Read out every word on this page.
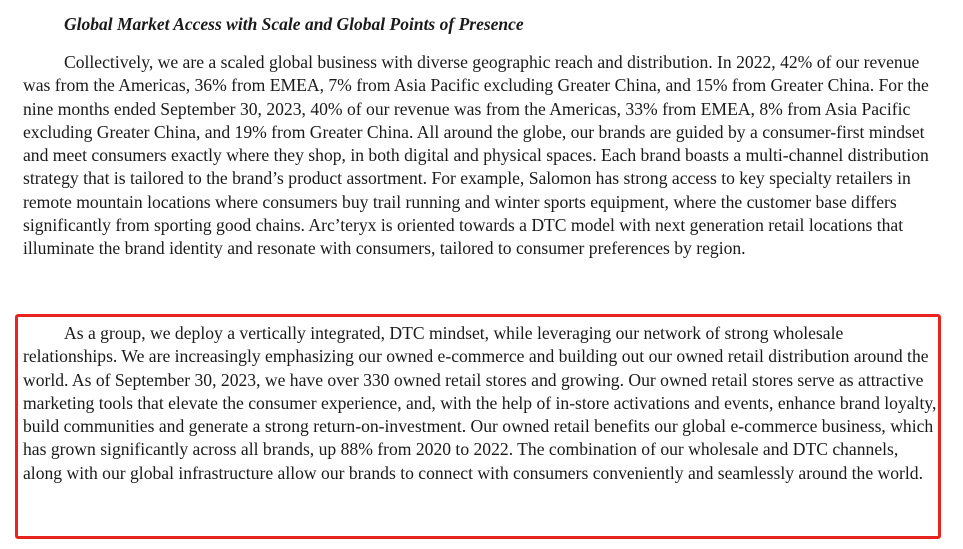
Global Market Access with Scale and Global Points of Presence

Collectively, we are a scaled global business with diverse geographic reach and distribution. In 2022, 42% of our revenue was from the Americas, 36% from EMEA, 7% from Asia Pacific excluding Greater China, and 15% from Greater China. For the nine months ended September 30, 2023, 40% of our revenue was from the Americas, 33% from EMEA, 8% from Asia Pacific excluding Greater China, and 19% from Greater China. All around the globe, our brands are guided by a consumer-first mindset and meet consumers exactly where they shop, in both digital and physical spaces. Each brand boasts a multi-channel distribution strategy that is tailored to the brand’s product assortment. For example, Salomon has strong access to key specialty retailers in remote mountain locations where consumers buy trail running and winter sports equipment, where the customer base differs significantly from sporting good chains. Arc’teryx is oriented towards a DTC model with next generation retail locations that illuminate the brand identity and resonate with consumers, tailored to consumer preferences by region.

As a group, we deploy a vertically integrated, DTC mindset, while leveraging our network of strong wholesale relationships. We are increasingly emphasizing our owned e-commerce and building out our owned retail distribution around the world. As of September 30, 2023, we have over 330 owned retail stores and growing. Our owned retail stores serve as attractive marketing tools that elevate the consumer experience, and, with the help of in-store activations and events, enhance brand loyalty, build communities and generate a strong return-on-investment. Our owned retail benefits our global e-commerce business, which has grown significantly across all brands, up 88% from 2020 to 2022. The combination of our wholesale and DTC channels, along with our global infrastructure allow our brands to connect with consumers conveniently and seamlessly around the world.
